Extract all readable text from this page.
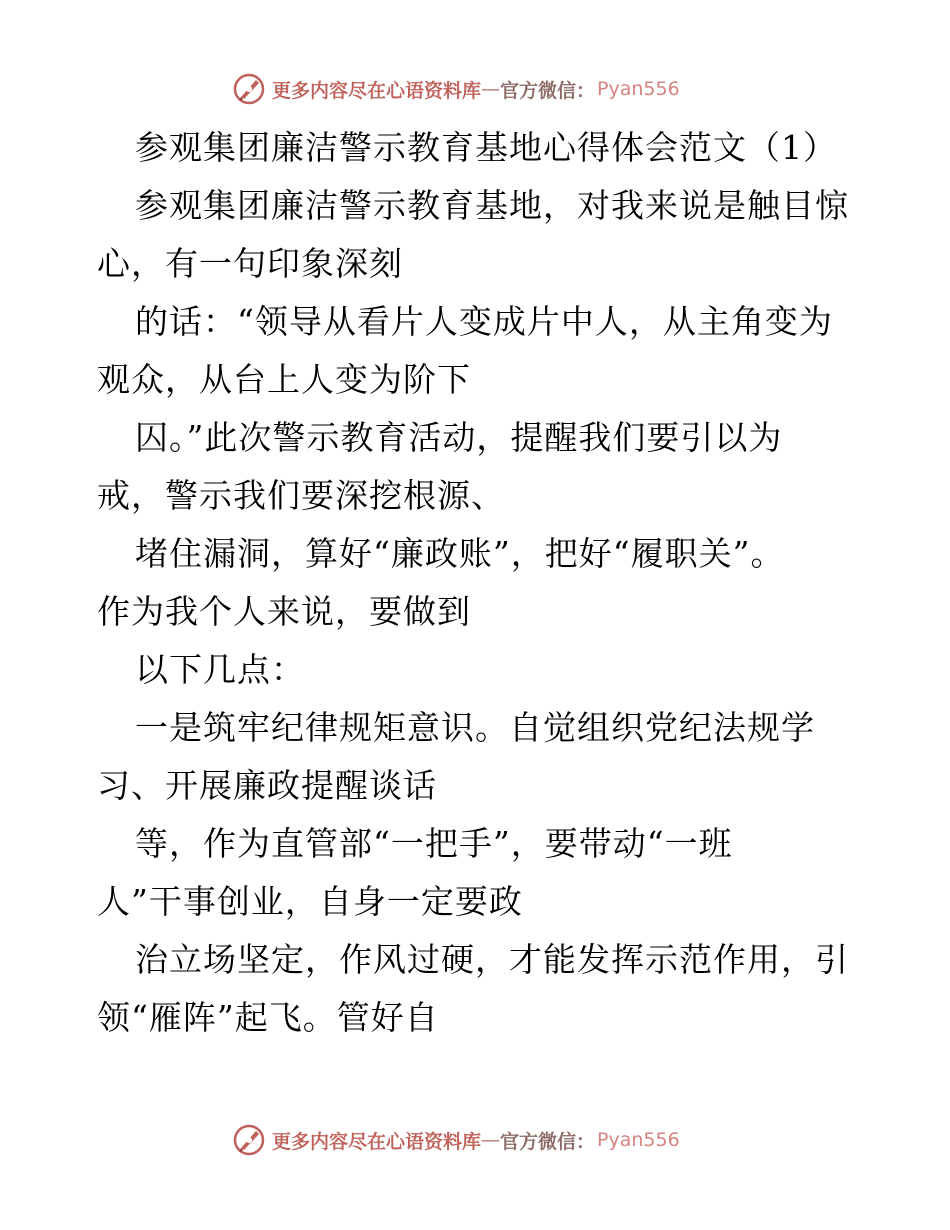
更多内容尽在心语资料库 — 官方微信： Pyan556
参观集团廉洁警示教育基地心得体会范文（1）
参观集团廉洁警示教育基地，对我来说是触目惊
心，有一句印象深刻
的话：“领导从看片人变成片中人，从主角变为
观众，从台上人变为阶下
囚。”此次警示教育活动，提醒我们要引以为
戒，警示我们要深挖根源、
堵住漏洞，算好“廉政账”，把好“履职关”。
作为我个人来说，要做到
以下几点：
一是筑牢纪律规矩意识。自觉组织党纪法规学
习、开展廉政提醒谈话
等，作为直管部“一把手”，要带动“一班
人”干事创业，自身一定要政
治立场坚定，作风过硬，才能发挥示范作用，引
领“雁阵”起飞。管好自
更多内容尽在心语资料库 — 官方微信： Pyan556
